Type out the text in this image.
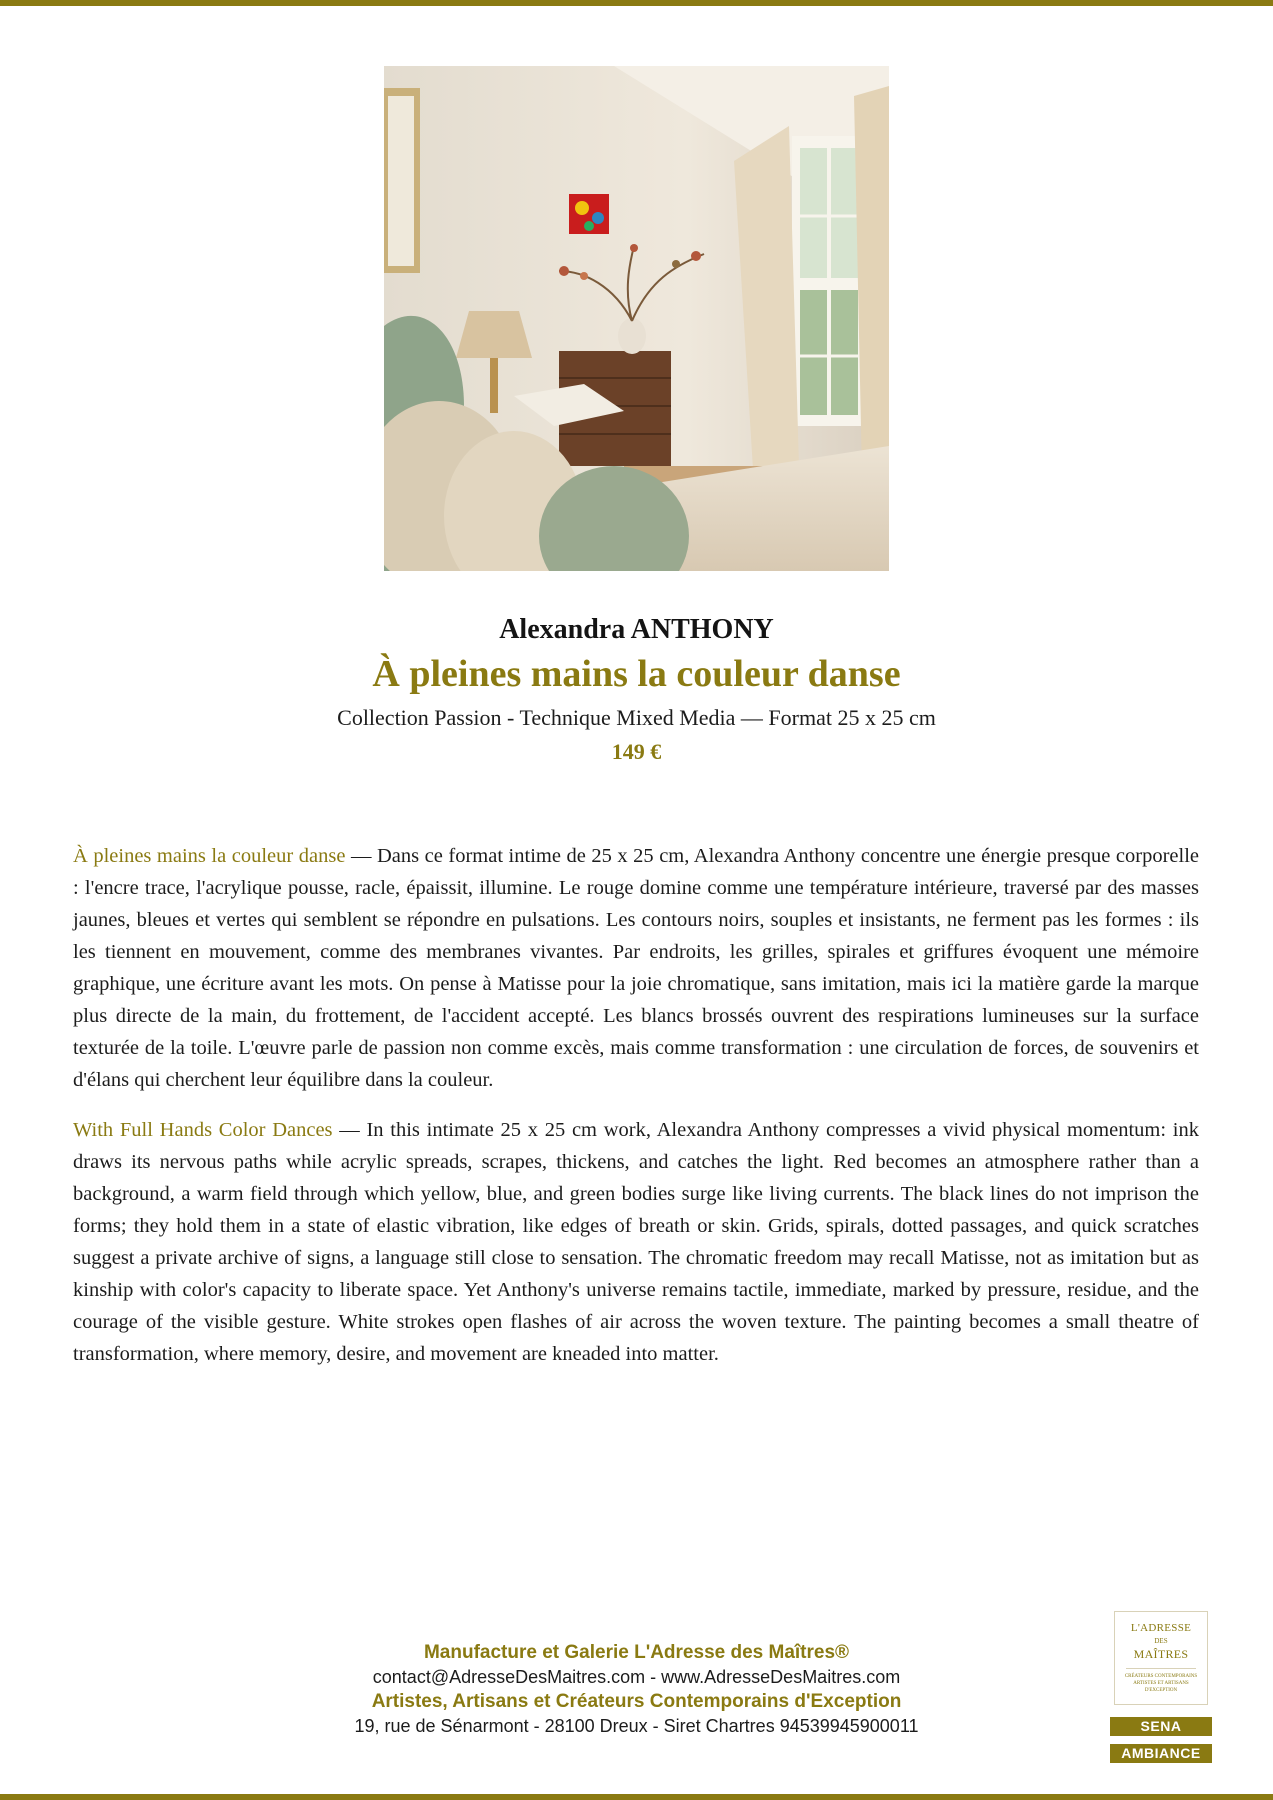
Alexandra ANTHONY
À pleines mains la couleur danse
Collection Passion - Technique Mixed Media — Format 25 x 25 cm
149 €

À pleines mains la couleur danse — Dans ce format intime de 25 x 25 cm, Alexandra Anthony concentre une énergie presque corporelle : l'encre trace, l'acrylique pousse, racle, épaissit, illumine. Le rouge domine comme une température intérieure, traversé par des masses jaunes, bleues et vertes qui semblent se répondre en pulsations. Les contours noirs, souples et insistants, ne ferment pas les formes : ils les tiennent en mouvement, comme des membranes vivantes. Par endroits, les grilles, spirales et griffures évoquent une mémoire graphique, une écriture avant les mots. On pense à Matisse pour la joie chromatique, sans imitation, mais ici la matière garde la marque plus directe de la main, du frottement, de l'accident accepté. Les blancs brossés ouvrent des respirations lumineuses sur la surface texturée de la toile. L'œuvre parle de passion non comme excès, mais comme transformation : une circulation de forces, de souvenirs et d'élans qui cherchent leur équilibre dans la couleur.

With Full Hands Color Dances — In this intimate 25 x 25 cm work, Alexandra Anthony compresses a vivid physical momentum: ink draws its nervous paths while acrylic spreads, scrapes, thickens, and catches the light. Red becomes an atmosphere rather than a background, a warm field through which yellow, blue, and green bodies surge like living currents. The black lines do not imprison the forms; they hold them in a state of elastic vibration, like edges of breath or skin. Grids, spirals, dotted passages, and quick scratches suggest a private archive of signs, a language still close to sensation. The chromatic freedom may recall Matisse, not as imitation but as kinship with color's capacity to liberate space. Yet Anthony's universe remains tactile, immediate, marked by pressure, residue, and the courage of the visible gesture. White strokes open flashes of air across the woven texture. The painting becomes a small theatre of transformation, where memory, desire, and movement are kneaded into matter.

Manufacture et Galerie L'Adresse des Maîtres®
contact@AdresseDesMaitres.com - www.AdresseDesMaitres.com
Artistes, Artisans et Créateurs Contemporains d'Exception
19, rue de Sénarmont - 28100 Dreux - Siret Chartres 94539945900011
L'ADRESSE
DES
MAÎTRES
CRÉATEURS CONTEMPORAINS ARTISTES ET ARTISANS D'EXCEPTION
SENA
AMBIANCE
